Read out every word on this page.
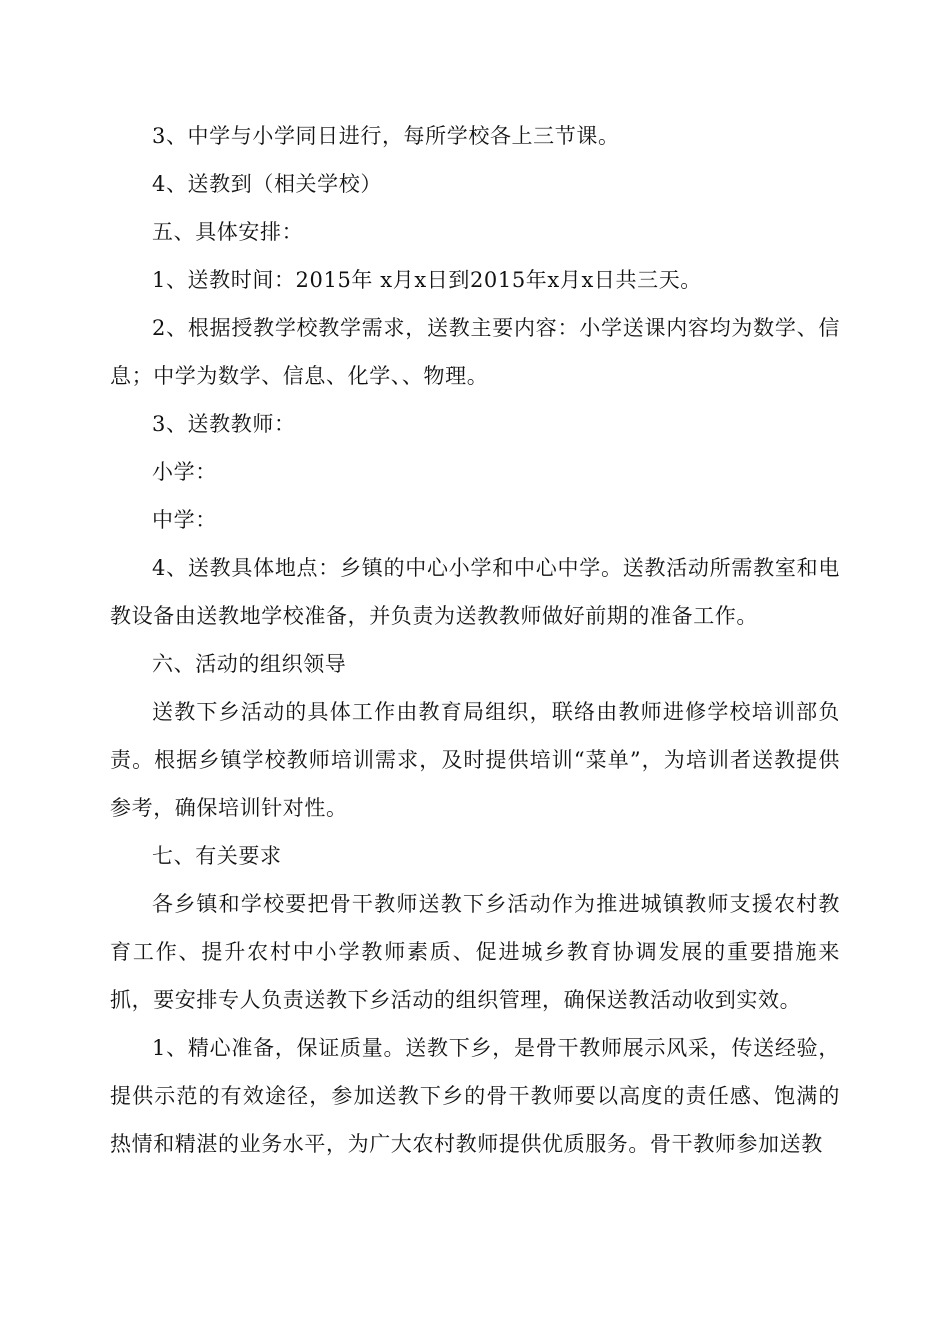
3、中学与小学同日进行，每所学校各上三节课。

4、送教到（相关学校）

五、具体安排：

1、送教时间：2015年 x月x日到2015年x月x日共三天。

2、根据授教学校教学需求，送教主要内容：小学送课内容均为数学、信息；中学为数学、信息、化学、、物理。

3、送教教师：

小学：

中学：

4、送教具体地点：乡镇的中心小学和中心中学。送教活动所需教室和电教设备由送教地学校准备，并负责为送教教师做好前期的准备工作。

六、活动的组织领导

送教下乡活动的具体工作由教育局组织，联络由教师进修学校培训部负责。根据乡镇学校教师培训需求，及时提供培训“菜单”，为培训者送教提供参考，确保培训针对性。

七、有关要求

各乡镇和学校要把骨干教师送教下乡活动作为推进城镇教师支援农村教育工作、提升农村中小学教师素质、促进城乡教育协调发展的重要措施来抓，要安排专人负责送教下乡活动的组织管理，确保送教活动收到实效。

1、精心准备，保证质量。送教下乡，是骨干教师展示风采，传送经验，提供示范的有效途径，参加送教下乡的骨干教师要以高度的责任感、饱满的热情和精湛的业务水平，为广大农村教师提供优质服务。骨干教师参加送教
